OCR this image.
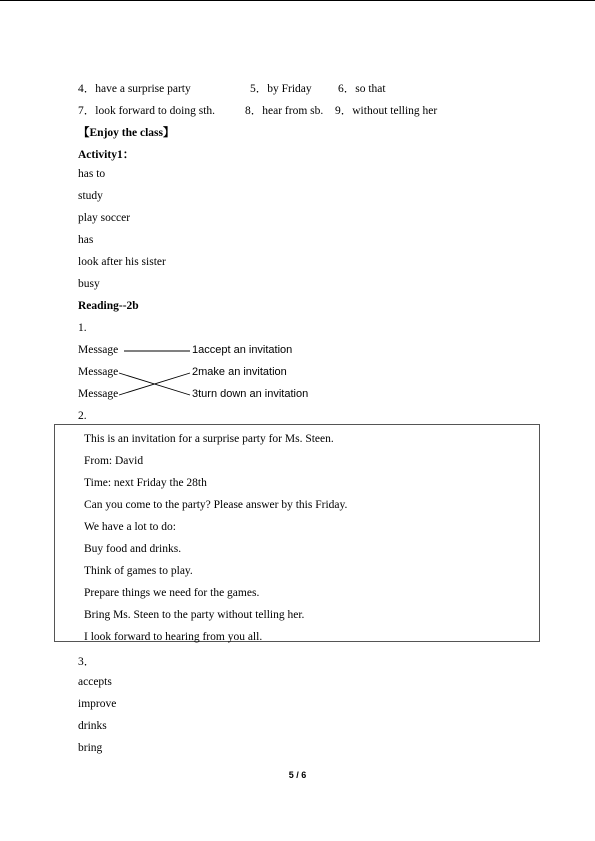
4．have a surprise party	5．by Friday 6．so that
7．look forward to doing sth.	8．hear from sb. 9．without telling her
【Enjoy the class】
Activity1：
has to
study
play soccer
has
look after his sister
busy
Reading--2b
1.
Message
Message
Message
1accept an invitation
2make an invitation
3turn down an invitation
2.
This is an invitation for a surprise party for Ms. Steen.
From: David
Time: next Friday the 28th
Can you come to the party? Please answer by this Friday.
We have a lot to do:
Buy food and drinks.
Think of games to play.
Prepare things we need for the games.
Bring Ms. Steen to the party without telling her.
I look forward to hearing from you all.
3．
accepts
improve
drinks
bring
5 / 6
